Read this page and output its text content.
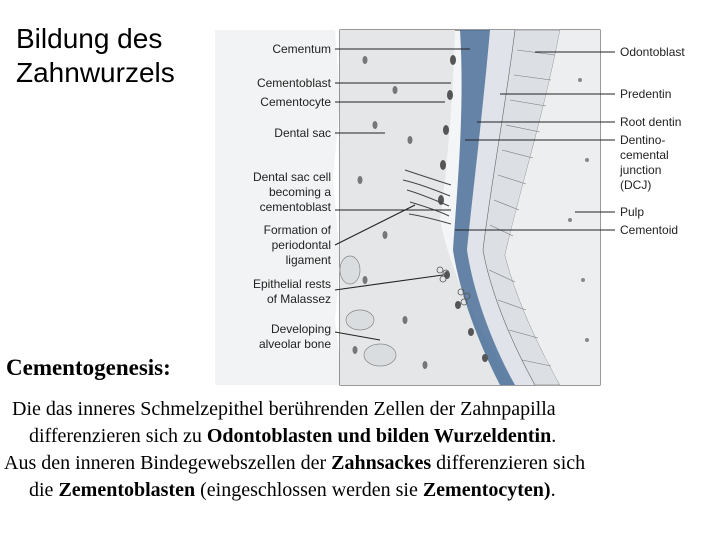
Bildung des
Zahnwurzels
Cementum
Cementoblast
Cementocyte
Dental sac
Dental sac cell becoming a cementoblast
Formation of periodontal ligament
Epithelial rests of Malassez
Developing alveolar bone
Odontoblast
Predentin
Root dentin
Dentino-cemental junction (DCJ)
Pulp
Cementoid
Cementogenesis:

Die das inneres Schmelzepithel berührenden Zellen der Zahnpapilla

differenzieren sich zu Odontoblasten und bilden Wurzeldentin.

Aus den inneren Bindegewebszellen der Zahnsackes differenzieren sich

die Zementoblasten (eingeschlossen werden sie Zementocyten).
